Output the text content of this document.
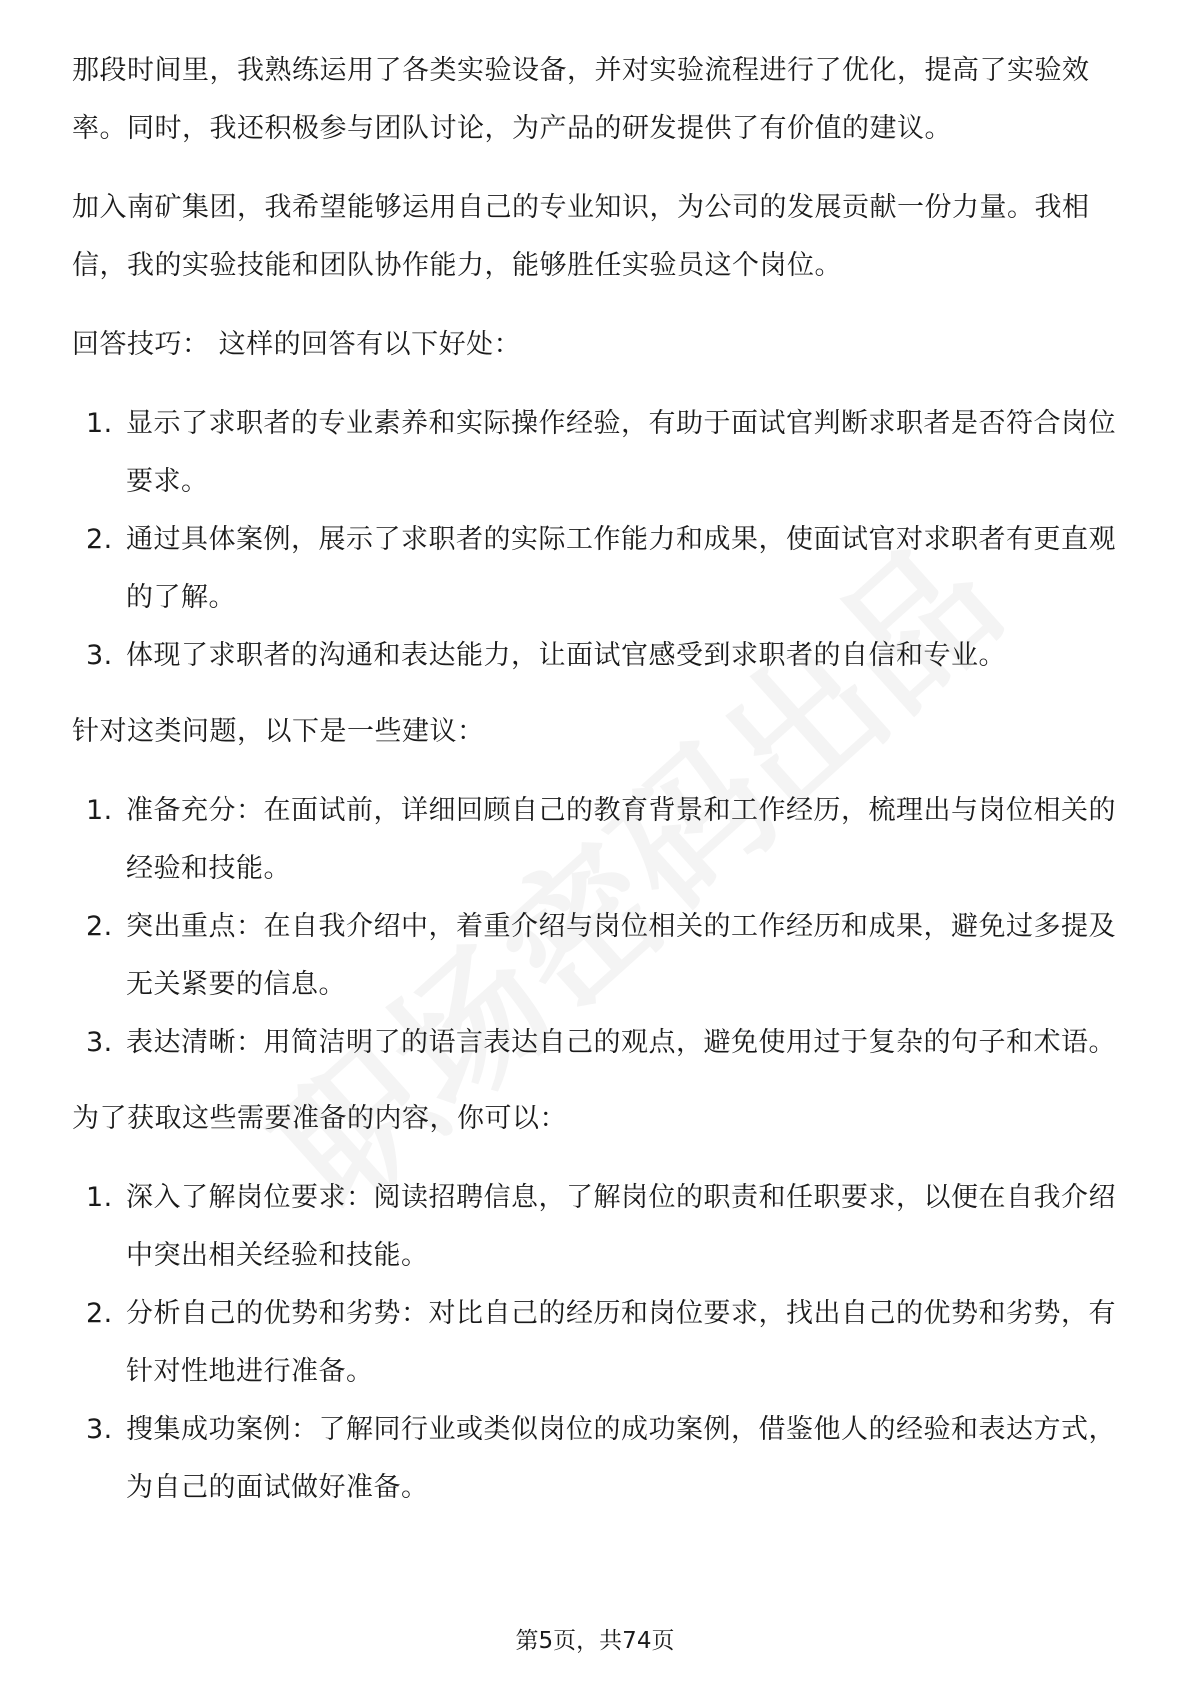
那段时间里，我熟练运用了各类实验设备，并对实验流程进行了优化，提高了实验效率。同时，我还积极参与团队讨论，为产品的研发提供了有价值的建议。

加入南矿集团，我希望能够运用自己的专业知识，为公司的发展贡献一份力量。我相信，我的实验技能和团队协作能力，能够胜任实验员这个岗位。

回答技巧： 这样的回答有以下好处：

1. 显示了求职者的专业素养和实际操作经验，有助于面试官判断求职者是否符合岗位要求。
2. 通过具体案例，展示了求职者的实际工作能力和成果，使面试官对求职者有更直观的了解。
3. 体现了求职者的沟通和表达能力，让面试官感受到求职者的自信和专业。

针对这类问题，以下是一些建议：

1. 准备充分：在面试前，详细回顾自己的教育背景和工作经历，梳理出与岗位相关的经验和技能。
2. 突出重点：在自我介绍中，着重介绍与岗位相关的工作经历和成果，避免过多提及无关紧要的信息。
3. 表达清晰：用简洁明了的语言表达自己的观点，避免使用过于复杂的句子和术语。

为了获取这些需要准备的内容，你可以：

1. 深入了解岗位要求：阅读招聘信息，了解岗位的职责和任职要求，以便在自我介绍中突出相关经验和技能。
2. 分析自己的优势和劣势：对比自己的经历和岗位要求，找出自己的优势和劣势，有针对性地进行准备。
3. 搜集成功案例：了解同行业或类似岗位的成功案例，借鉴他人的经验和表达方式，为自己的面试做好准备。
第5页，共74页
